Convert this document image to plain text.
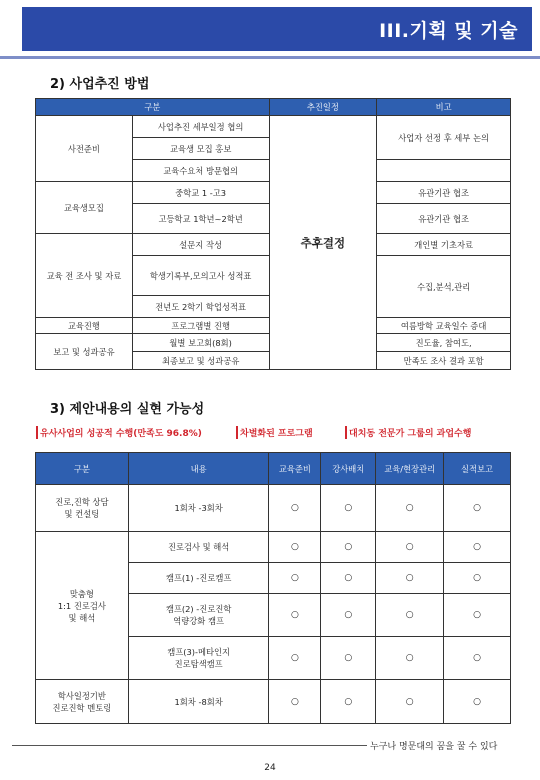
III.기획 및 기술
2) 사업추진 방법
구분		추진일정	비고
사전준비	사업추진 세부일정 협의	추후결정	사업자 선정 후 세부 논의
	교육생 모집 홍보		
	교육수요처 방문협의		
교육생모집	중학교 1 -고3		유관기관 협조
	고등학교 1학년~2학년		유관기관 협조
교육 전 조사 및 자료	설문지 작성		개인별 기초자료
	학생기록부,모의고사 성적표		수집,분석,관리
	전년도 2학기 학업성적표		
교육진행	프로그램별 진행		여름방학 교육일수 증대
보고 및 성과공유	월별 보고회(8회)		진도율, 참여도,
	최종보고 및 성과공유		만족도 조사 결과 포함
3) 제안내용의 실현 가능성
유사사업의 성공적 수행(만족도 96.8%)	차별화된 프로그램	대치동 전문가 그룹의 과업수행
구분	내용	교육준비	강사배치	교육/현장관리	실적보고
진로,진학 상담
및 컨설팅	1회차 -3회차	○	○	○	○
맞춤형
1:1 진로검사
및 해석	진로검사 및 해석	○	○	○	○
	캠프(1) -진로캠프	○	○	○	○
	캠프(2) -진로진학
역량강화 캠프	○	○	○	○
	캠프(3)-메타인지
진로탐색캠프	○	○	○	○
학사일정기반
진로진학 멘토링	1회차 -8회차	○	○	○	○
누구나 명문대의 꿈을 꿀 수 있다
24
